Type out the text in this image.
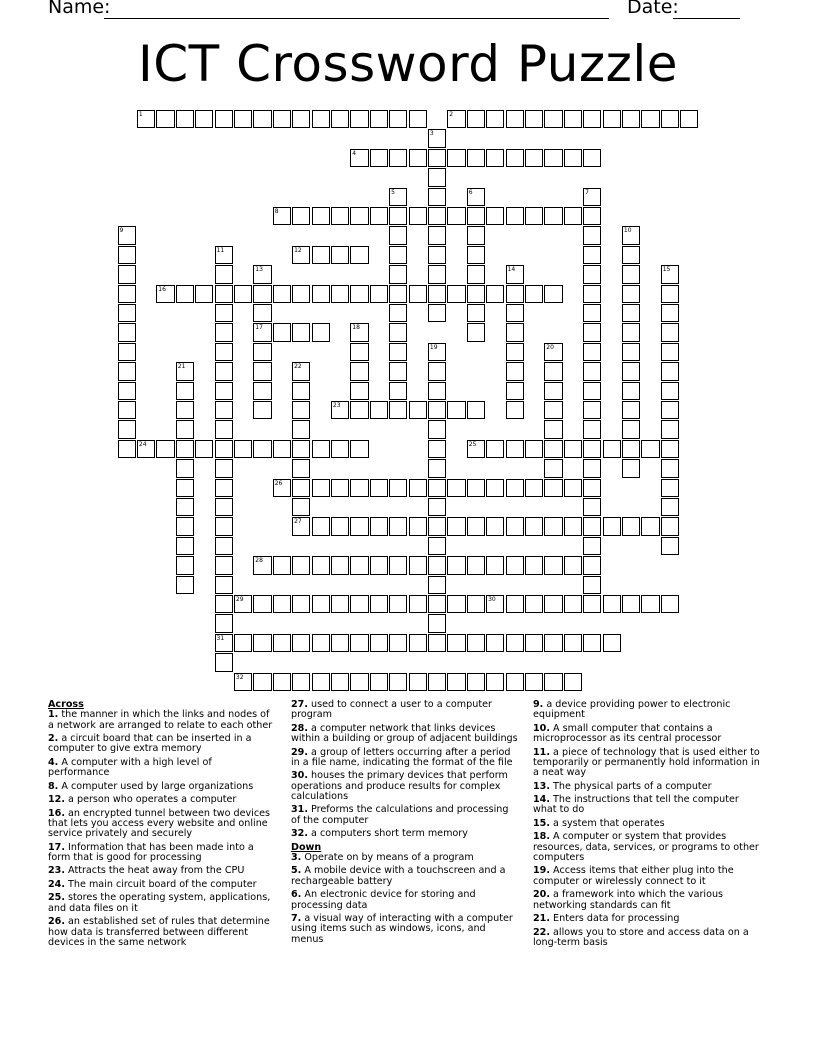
Name:	Date:
ICT Crossword Puzzle
1	2
3
4
5	6	7
8
9	10
11
31
12
13
17
14	15
16
18
19	20
21	22
27
23
24	25
26
28
29	30
32
Across

1. the manner in which the links and nodes of a network are arranged to relate to each other

2. a circuit board that can be inserted in a computer to give extra memory

4. A computer with a high level of performance

8. A computer used by large organizations

12. a person who operates a computer

16. an encrypted tunnel between two devices that lets you access every website and online service privately and securely

17. Information that has been made into a form that is good for processing

23. Attracts the heat away from the CPU

24. The main circuit board of the computer

25. stores the operating system, applications, and data files on it

26. an established set of rules that determine how data is transferred between different devices in the same network

27. used to connect a user to a computer program

28. a computer network that links devices within a building or group of adjacent buildings

29. a group of letters occurring after a period in a file name, indicating the format of the file

30. houses the primary devices that perform operations and produce results for complex calculations

31. Preforms the calculations and processing of the computer

32. a computers short term memory

Down

3. Operate on by means of a program

5. A mobile device with a touchscreen and a rechargeable battery

6. An electronic device for storing and processing data

7. a visual way of interacting with a computer using items such as windows, icons, and menus

9. a device providing power to electronic equipment

10. A small computer that contains a microprocessor as its central processor

11. a piece of technology that is used either to temporarily or permanently hold information in a neat way

13. The physical parts of a computer

14. The instructions that tell the computer what to do

15. a system that operates

18. A computer or system that provides resources, data, services, or programs to other computers

19. Access items that either plug into the computer or wirelessly connect to it

20. a framework into which the various networking standards can fit

21. Enters data for processing

22. allows you to store and access data on a long-term basis
